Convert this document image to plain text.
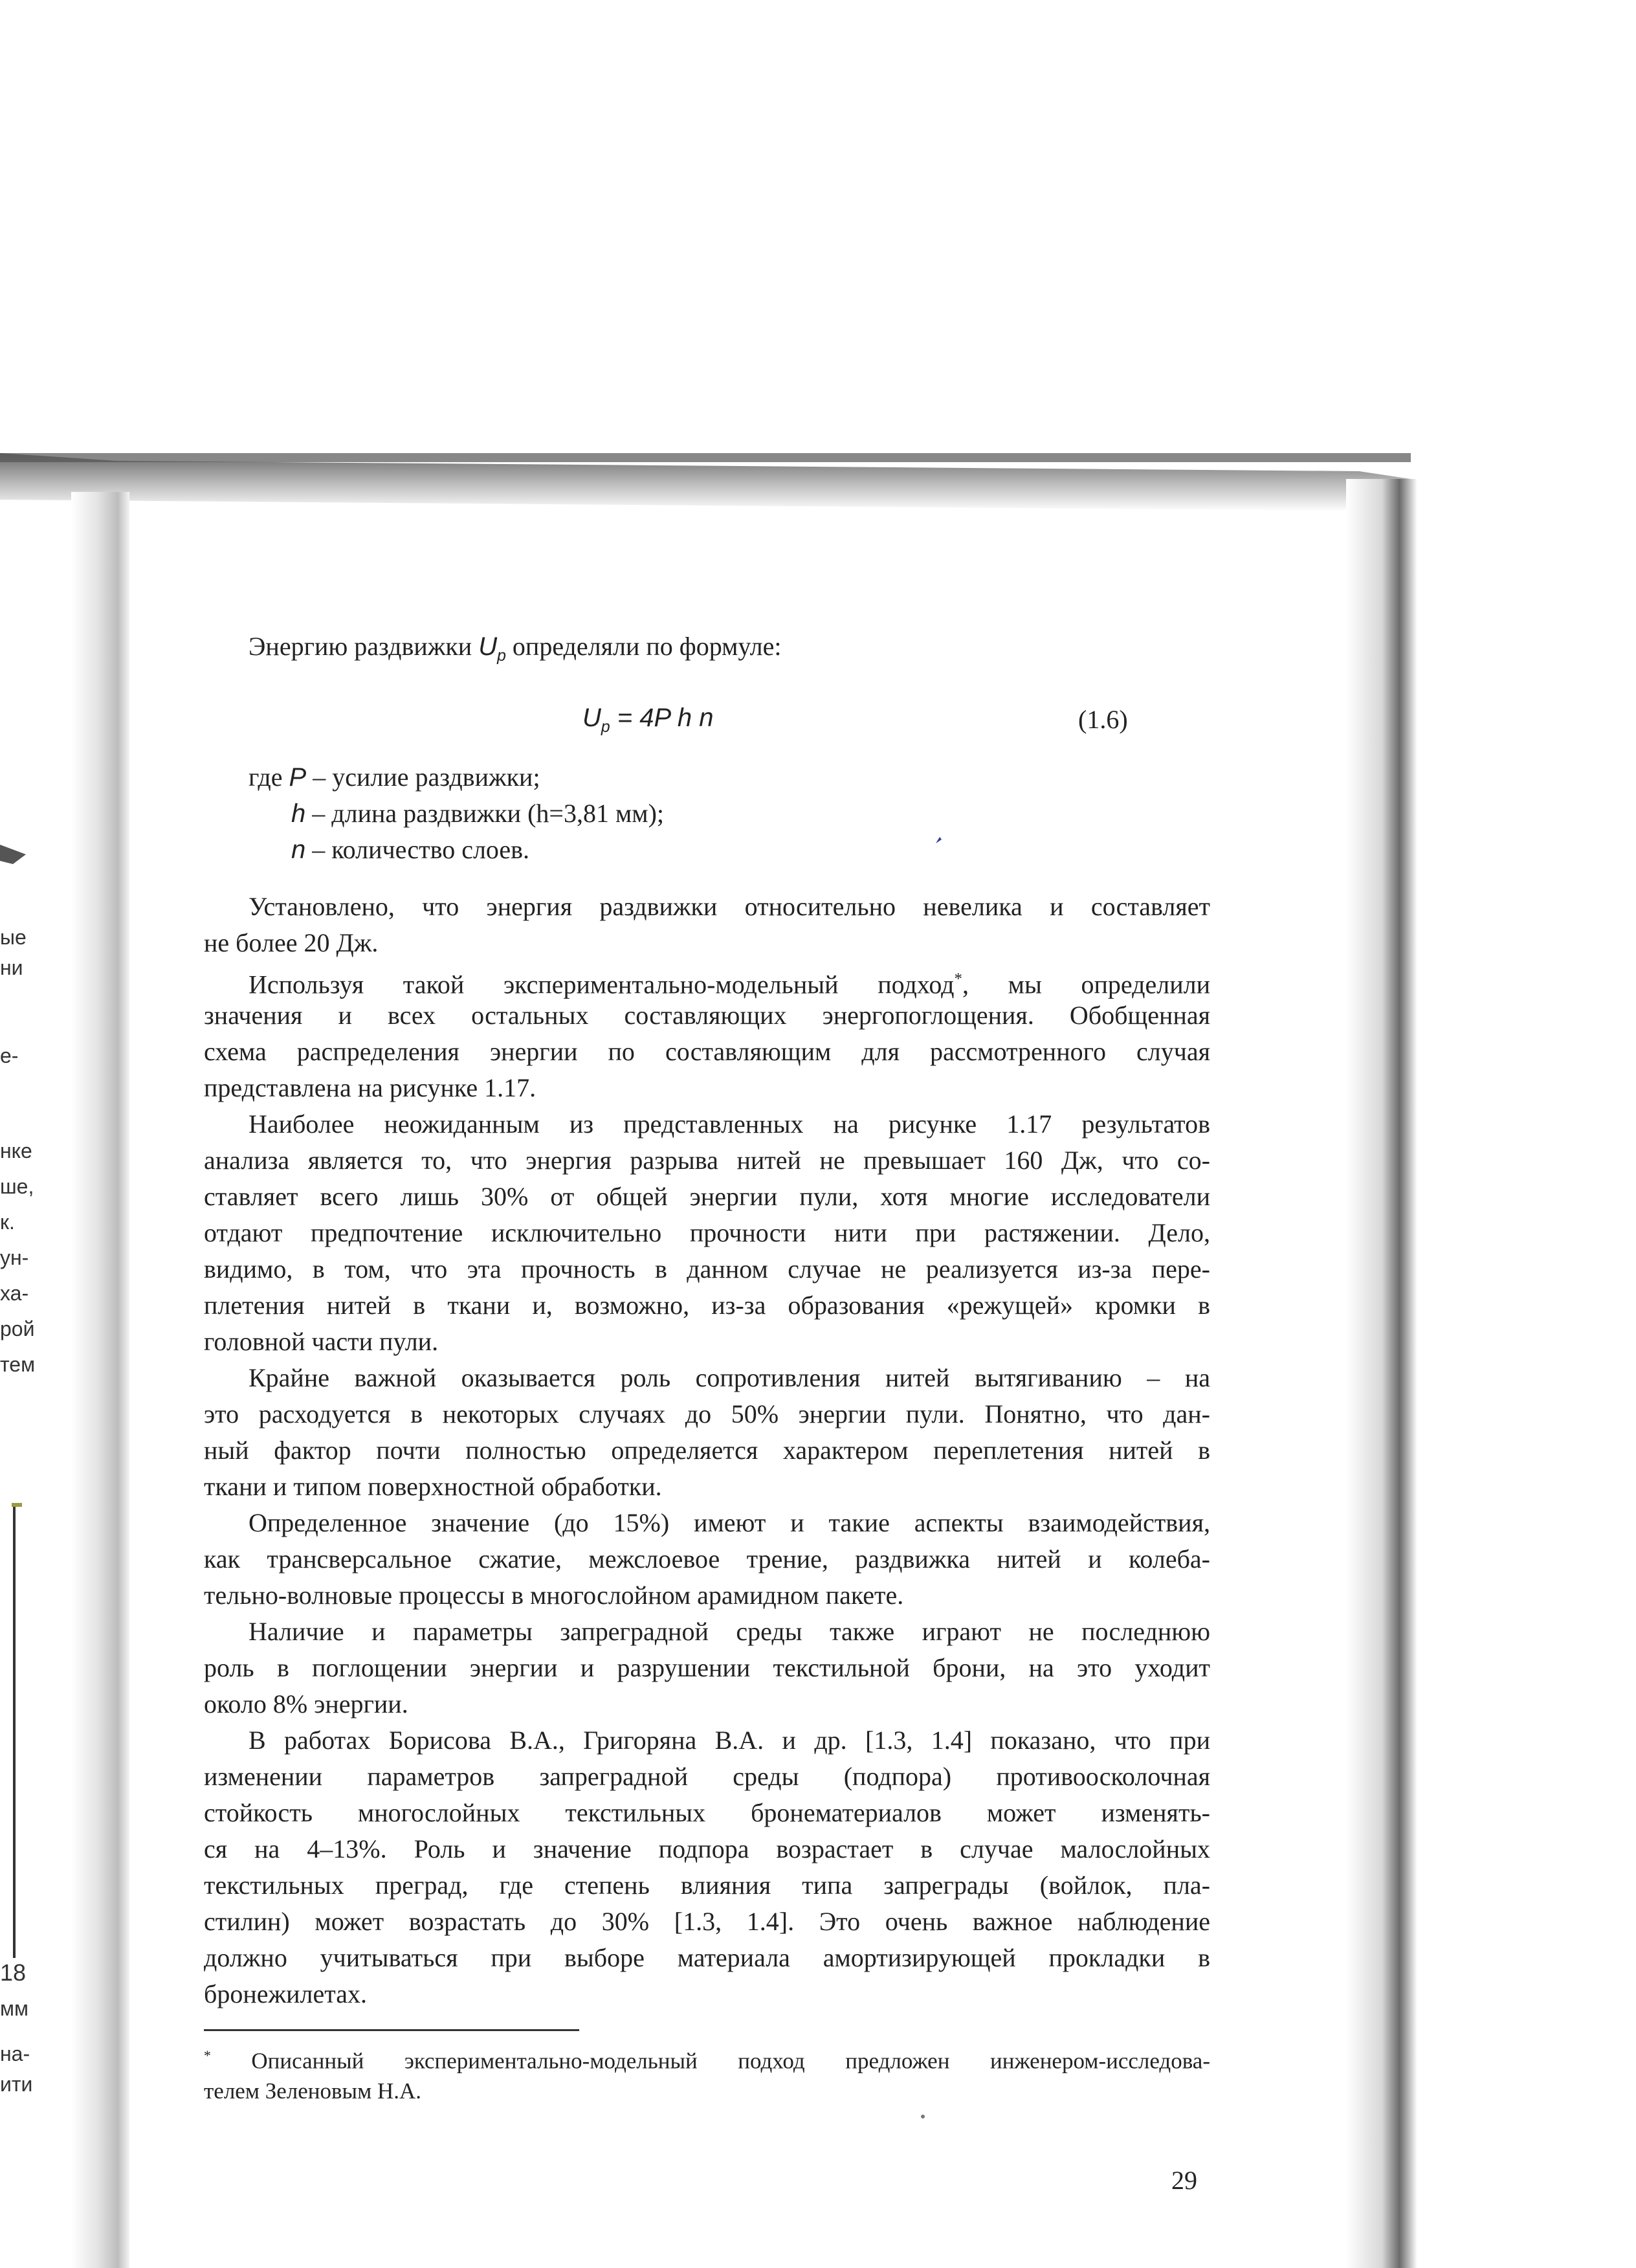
ые
ни
е-
нке
ше,
к.
ун-
ха-
рой
тем
18
мм
на-
ити
Энергию раздвижки $U_р$ определяли по формуле:
$U_р = 4P$ h n	(1.6)
где P – усилие раздвижки;
h – длина раздвижки (h=3,81 мм);
n – количество слоев.
Установлено, что энергия раздвижки относительно невелика и составляет
не более 20 Дж.
Используя такой экспериментально-модельный подход*, мы определили
значения и всех остальных составляющих энергопоглощения. Обобщенная
схема распределения энергии по составляющим для рассмотренного случая
представлена на рисунке 1.17.
Наиболее неожиданным из представленных на рисунке 1.17 результатов
анализа является то, что энергия разрыва нитей не превышает 160 Дж, что со-
ставляет всего лишь 30% от общей энергии пули, хотя многие исследователи
отдают предпочтение исключительно прочности нити при растяжении. Дело,
видимо, в том, что эта прочность в данном случае не реализуется из-за пере-
плетения нитей в ткани и, возможно, из-за образования «режущей» кромки в
головной части пули.
Крайне важной оказывается роль сопротивления нитей вытягиванию – на
это расходуется в некоторых случаях до 50% энергии пули. Понятно, что дан-
ный фактор почти полностью определяется характером переплетения нитей в
ткани и типом поверхностной обработки.
Определенное значение (до 15%) имеют и такие аспекты взаимодействия,
как трансверсальное сжатие, межслоевое трение, раздвижка нитей и колеба-
тельно-волновые процессы в многослойном арамидном пакете.
Наличие и параметры запреградной среды также играют не последнюю
роль в поглощении энергии и разрушении текстильной брони, на это уходит
около 8% энергии.
В работах Борисова В.А., Григоряна В.А. и др. [1.3, 1.4] показано, что при
изменении параметров запреградной среды (подпора) противоосколочная
стойкость многослойных текстильных бронематериалов может изменять-
ся на 4–13%. Роль и значение подпора возрастает в случае малослойных
текстильных преград, где степень влияния типа запреграды (войлок, пла-
стилин) может возрастать до 30% [1.3, 1.4]. Это очень важное наблюдение
должно учитываться при выборе материала амортизирующей прокладки в
бронежилетах.
* Описанный экспериментально-модельный подход предложен инженером-исследова-
телем Зеленовым Н.А.
29
